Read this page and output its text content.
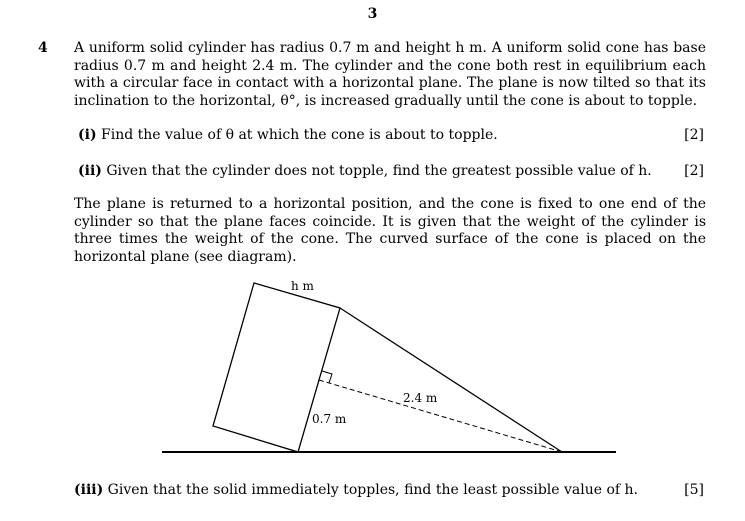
3
4 A uniform solid cylinder has radius 0.7 m and height h m. A uniform solid cone has base radius 0.7 m and height 2.4 m. The cylinder and the cone both rest in equilibrium each with a circular face in contact with a horizontal plane. The plane is now tilted so that its inclination to the horizontal, θ°, is increased gradually until the cone is about to topple.
(i) Find the value of θ at which the cone is about to topple.	[2]
(ii) Given that the cylinder does not topple, find the greatest possible value of h. [2]
The plane is returned to a horizontal position, and the cone is fixed to one end of the cylinder so that the plane faces coincide. It is given that the weight of the cylinder is three times the weight of the cone. The curved surface of the cone is placed on the horizontal plane (see diagram).
h m
2.4 m
0.7 m
(iii) Given that the solid immediately topples, find the least possible value of h.	[5]
